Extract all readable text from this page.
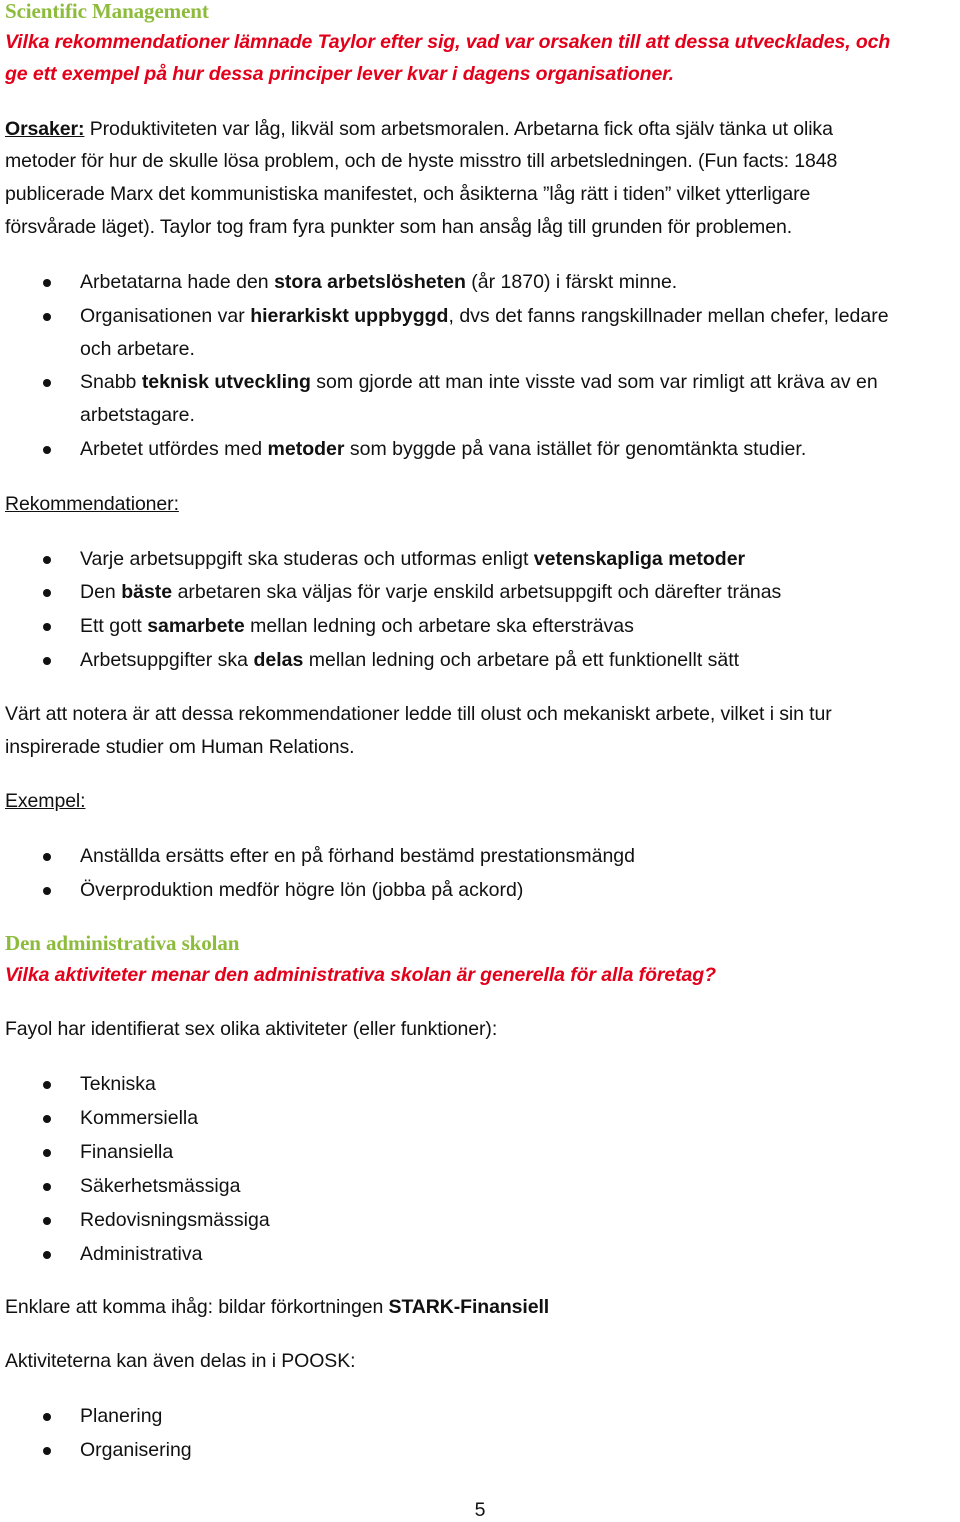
Scientific Management
Vilka rekommendationer lämnade Taylor efter sig, vad var orsaken till att dessa utvecklades, och
ge ett exempel på hur dessa principer lever kvar i dagens organisationer.
Orsaker: Produktiviteten var låg, likväl som arbetsmoralen. Arbetarna fick ofta själv tänka ut olika
metoder för hur de skulle lösa problem, och de hyste misstro till arbetsledningen. (Fun facts: 1848
publicerade Marx det kommunistiska manifestet, och åsikterna ”låg rätt i tiden” vilket ytterligare
försvårade läget). Taylor tog fram fyra punkter som han ansåg låg till grunden för problemen.
Arbetatarna hade den stora arbetslösheten (år 1870) i färskt minne.
Organisationen var hierarkiskt uppbyggd, dvs det fanns rangskillnader mellan chefer, ledare
och arbetare.
Snabb teknisk utveckling som gjorde att man inte visste vad som var rimligt att kräva av en
arbetstagare.
Arbetet utfördes med metoder som byggde på vana istället för genomtänkta studier.
Rekommendationer:
Varje arbetsuppgift ska studeras och utformas enligt vetenskapliga metoder
Den bäste arbetaren ska väljas för varje enskild arbetsuppgift och därefter tränas
Ett gott samarbete mellan ledning och arbetare ska eftersträvas
Arbetsuppgifter ska delas mellan ledning och arbetare på ett funktionellt sätt
Värt att notera är att dessa rekommendationer ledde till olust och mekaniskt arbete, vilket i sin tur
inspirerade studier om Human Relations.
Exempel:
Anställda ersätts efter en på förhand bestämd prestationsmängd
Överproduktion medför högre lön (jobba på ackord)
Den administrativa skolan
Vilka aktiviteter menar den administrativa skolan är generella för alla företag?
Fayol har identifierat sex olika aktiviteter (eller funktioner):
Tekniska
Kommersiella
Finansiella
Säkerhetsmässiga
Redovisningsmässiga
Administrativa
Enklare att komma ihåg: bildar förkortningen STARK-Finansiell
Aktiviteterna kan även delas in i POOSK:
Planering
Organisering
5
